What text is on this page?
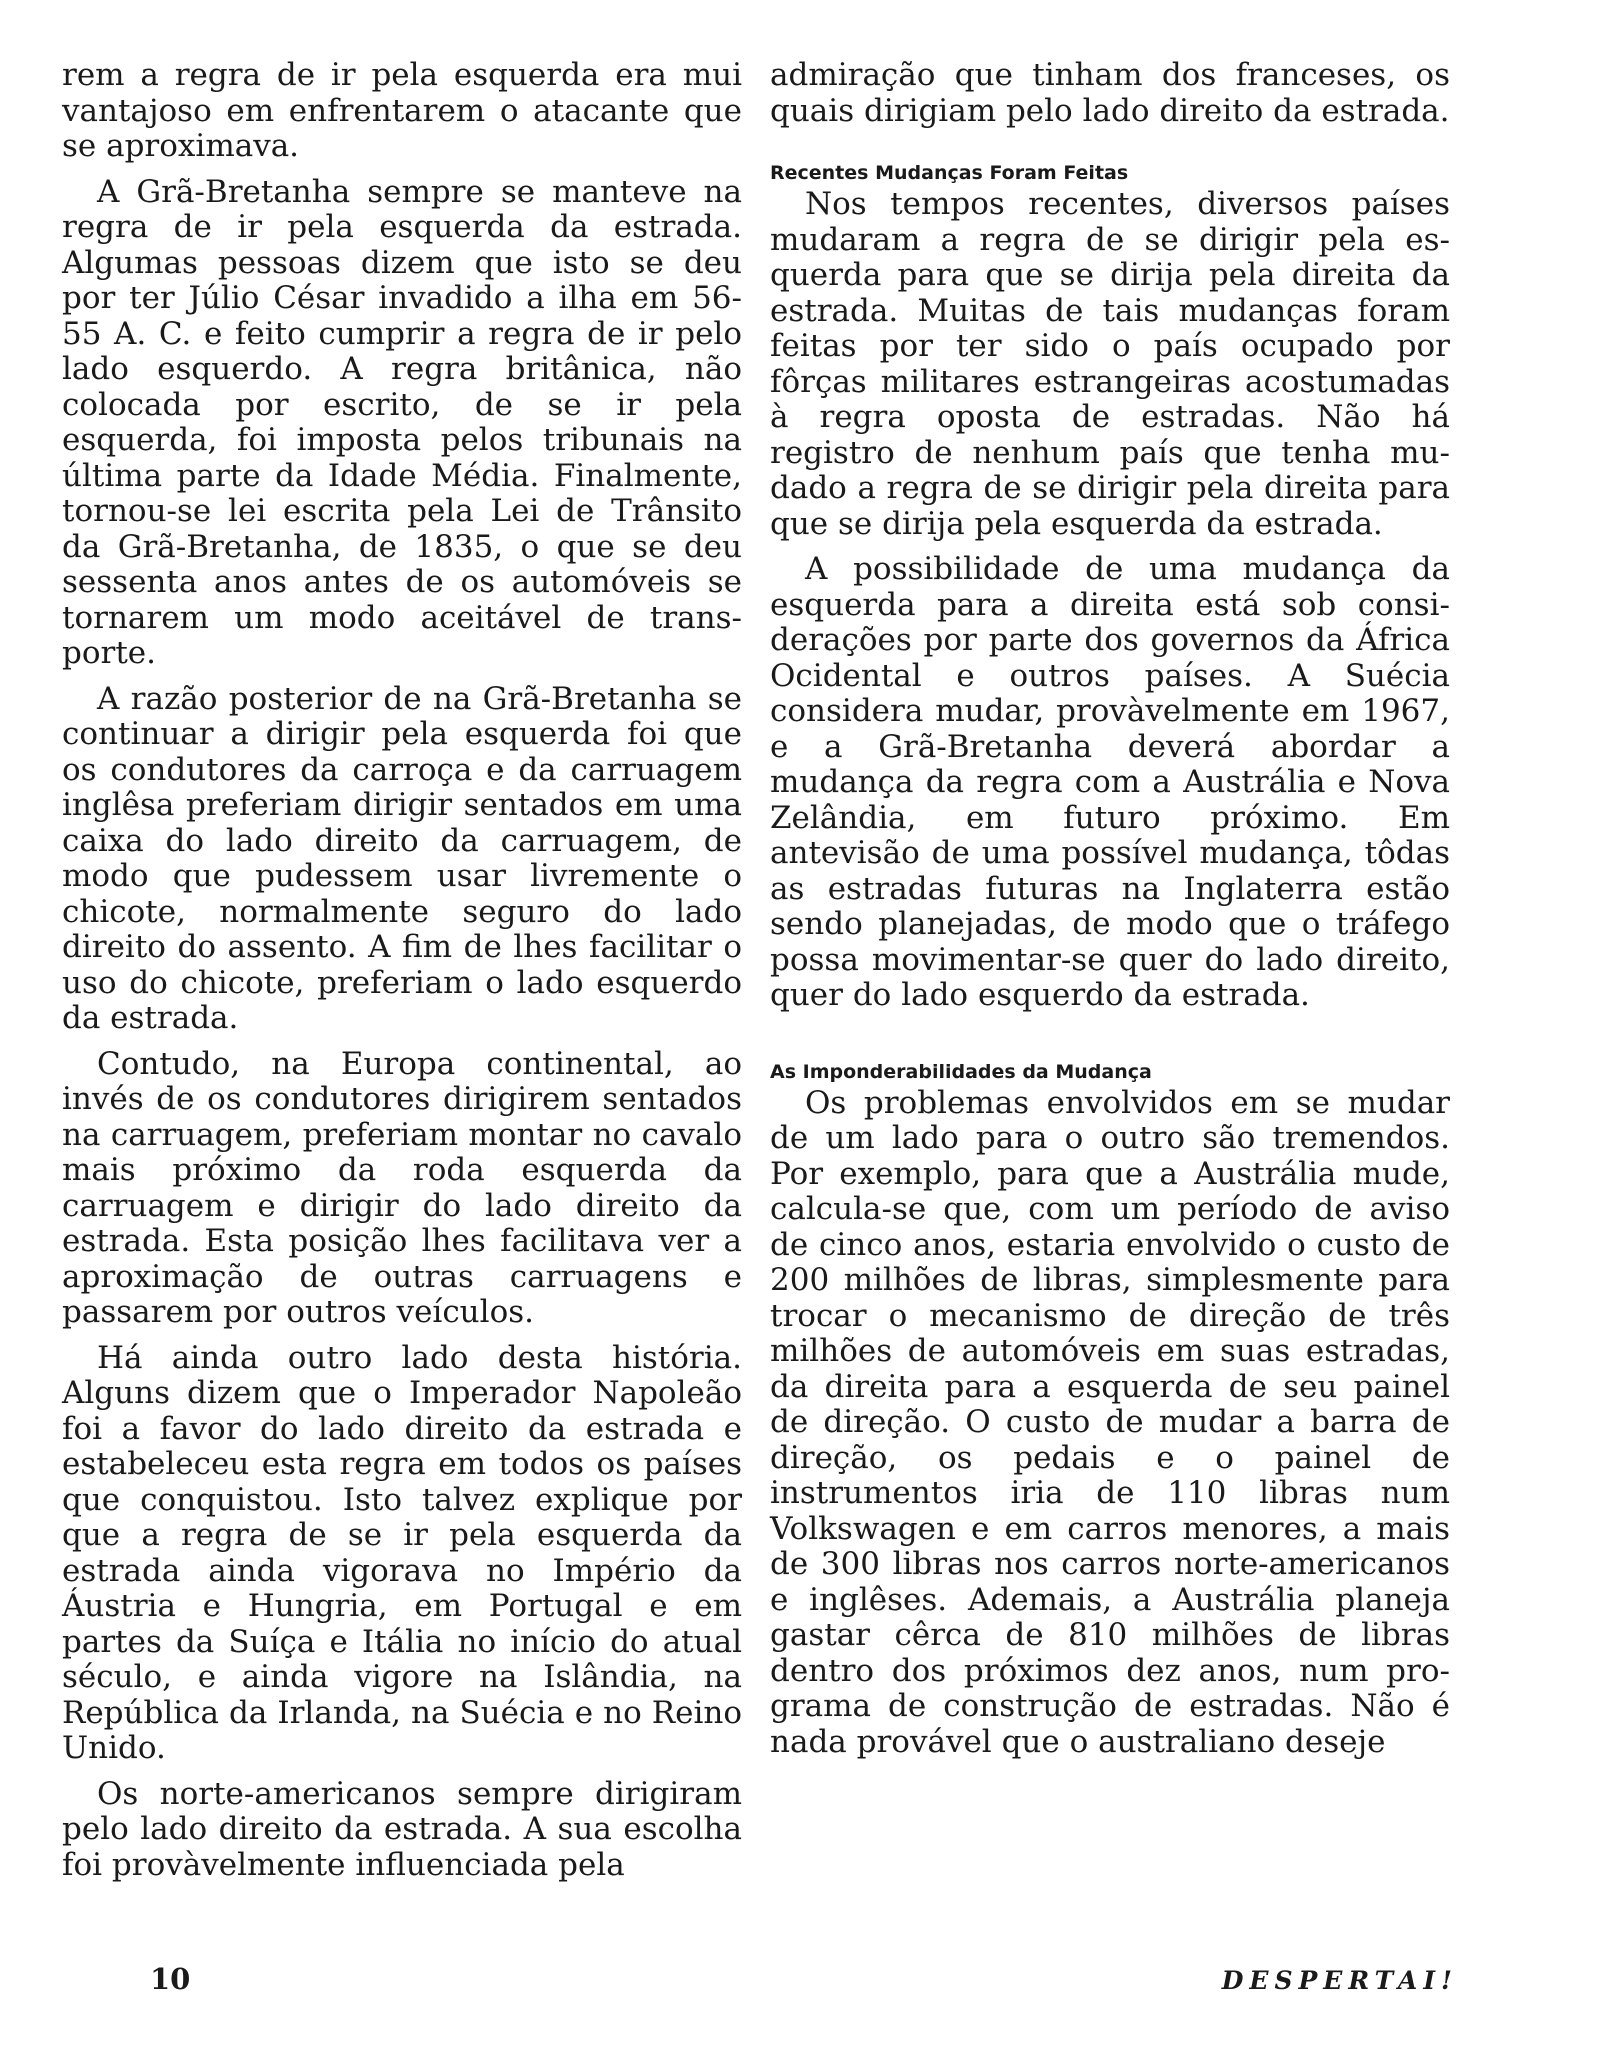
rem a regra de ir pela esquerda era mui vantajoso em enfrentarem o atacante que se aproximava.

A Grã-Bretanha sempre se manteve na regra de ir pela esquerda da estrada. Algumas pessoas dizem que isto se deu por ter Júlio César invadido a ilha em 56-55 A. C. e feito cumprir a regra de ir pelo lado esquerdo. A regra britânica, não colocada por escrito, de se ir pela esquerda, foi imposta pelos tribunais na última parte da Idade Média. Finalmente, tornou-se lei escrita pela Lei de Trânsito da Grã-Bretanha, de 1835, o que se deu sessenta anos antes de os automóveis se tornarem um modo aceitável de transporte.

A razão posterior de na Grã-Bretanha se continuar a dirigir pela esquerda foi que os condutores da carroça e da carruagem inglêsa preferiam dirigir sentados em uma caixa do lado direito da carruagem, de modo que pudessem usar livremente o chicote, normalmente seguro do lado direito do assento. A fim de lhes facilitar o uso do chicote, preferiam o lado esquerdo da estrada.

Contudo, na Europa continental, ao invés de os condutores dirigirem sentados na carruagem, preferiam montar no cavalo mais próximo da roda esquerda da carruagem e dirigir do lado direito da estrada. Esta posição lhes facilitava ver a aproximação de outras carruagens e passarem por outros veículos.

Há ainda outro lado desta história. Alguns dizem que o Imperador Napoleão foi a favor do lado direito da estrada e estabeleceu esta regra em todos os países que conquistou. Isto talvez explique por que a regra de se ir pela esquerda da estrada ainda vigorava no Império da Áustria e Hungria, em Portugal e em partes da Suíça e Itália no início do atual século, e ainda vigore na Islândia, na República da Irlanda, na Suécia e no Reino Unido.

Os norte-americanos sempre dirigiram pelo lado direito da estrada. A sua escolha foi provàvelmente influenciada pela

admiração que tinham dos franceses, os quais dirigiam pelo lado direito da estrada.

Recentes Mudanças Foram Feitas

Nos tempos recentes, diversos países mudaram a regra de se dirigir pela esquerda para que se dirija pela direita da estrada. Muitas de tais mudanças foram feitas por ter sido o país ocupado por fôrças militares estrangeiras acostumadas à regra oposta de estradas. Não há registro de nenhum país que tenha mudado a regra de se dirigir pela direita para que se dirija pela esquerda da estrada.

A possibilidade de uma mudança da esquerda para a direita está sob considerações por parte dos governos da África Ocidental e outros países. A Suécia considera mudar, provàvelmente em 1967, e a Grã-Bretanha deverá abordar a mudança da regra com a Austrália e Nova Zelândia, em futuro próximo. Em antevisão de uma possível mudança, tôdas as estradas futuras na Inglaterra estão sendo planejadas, de modo que o tráfego possa movimentar-se quer do lado direito, quer do lado esquerdo da estrada.

As Imponderabilidades da Mudança

Os problemas envolvidos em se mudar de um lado para o outro são tremendos. Por exemplo, para que a Austrália mude, calcula-se que, com um período de aviso de cinco anos, estaria envolvido o custo de 200 milhões de libras, simplesmente para trocar o mecanismo de direção de três milhões de automóveis em suas estradas, da direita para a esquerda de seu painel de direção. O custo de mudar a barra de direção, os pedais e o painel de instrumentos iria de 110 libras num Volkswagen e em carros menores, a mais de 300 libras nos carros norte-americanos e inglêses. Ademais, a Austrália planeja gastar cêrca de 810 milhões de libras dentro dos próximos dez anos, num programa de construção de estradas. Não é nada provável que o australiano deseje

10	DESPERTAI!
